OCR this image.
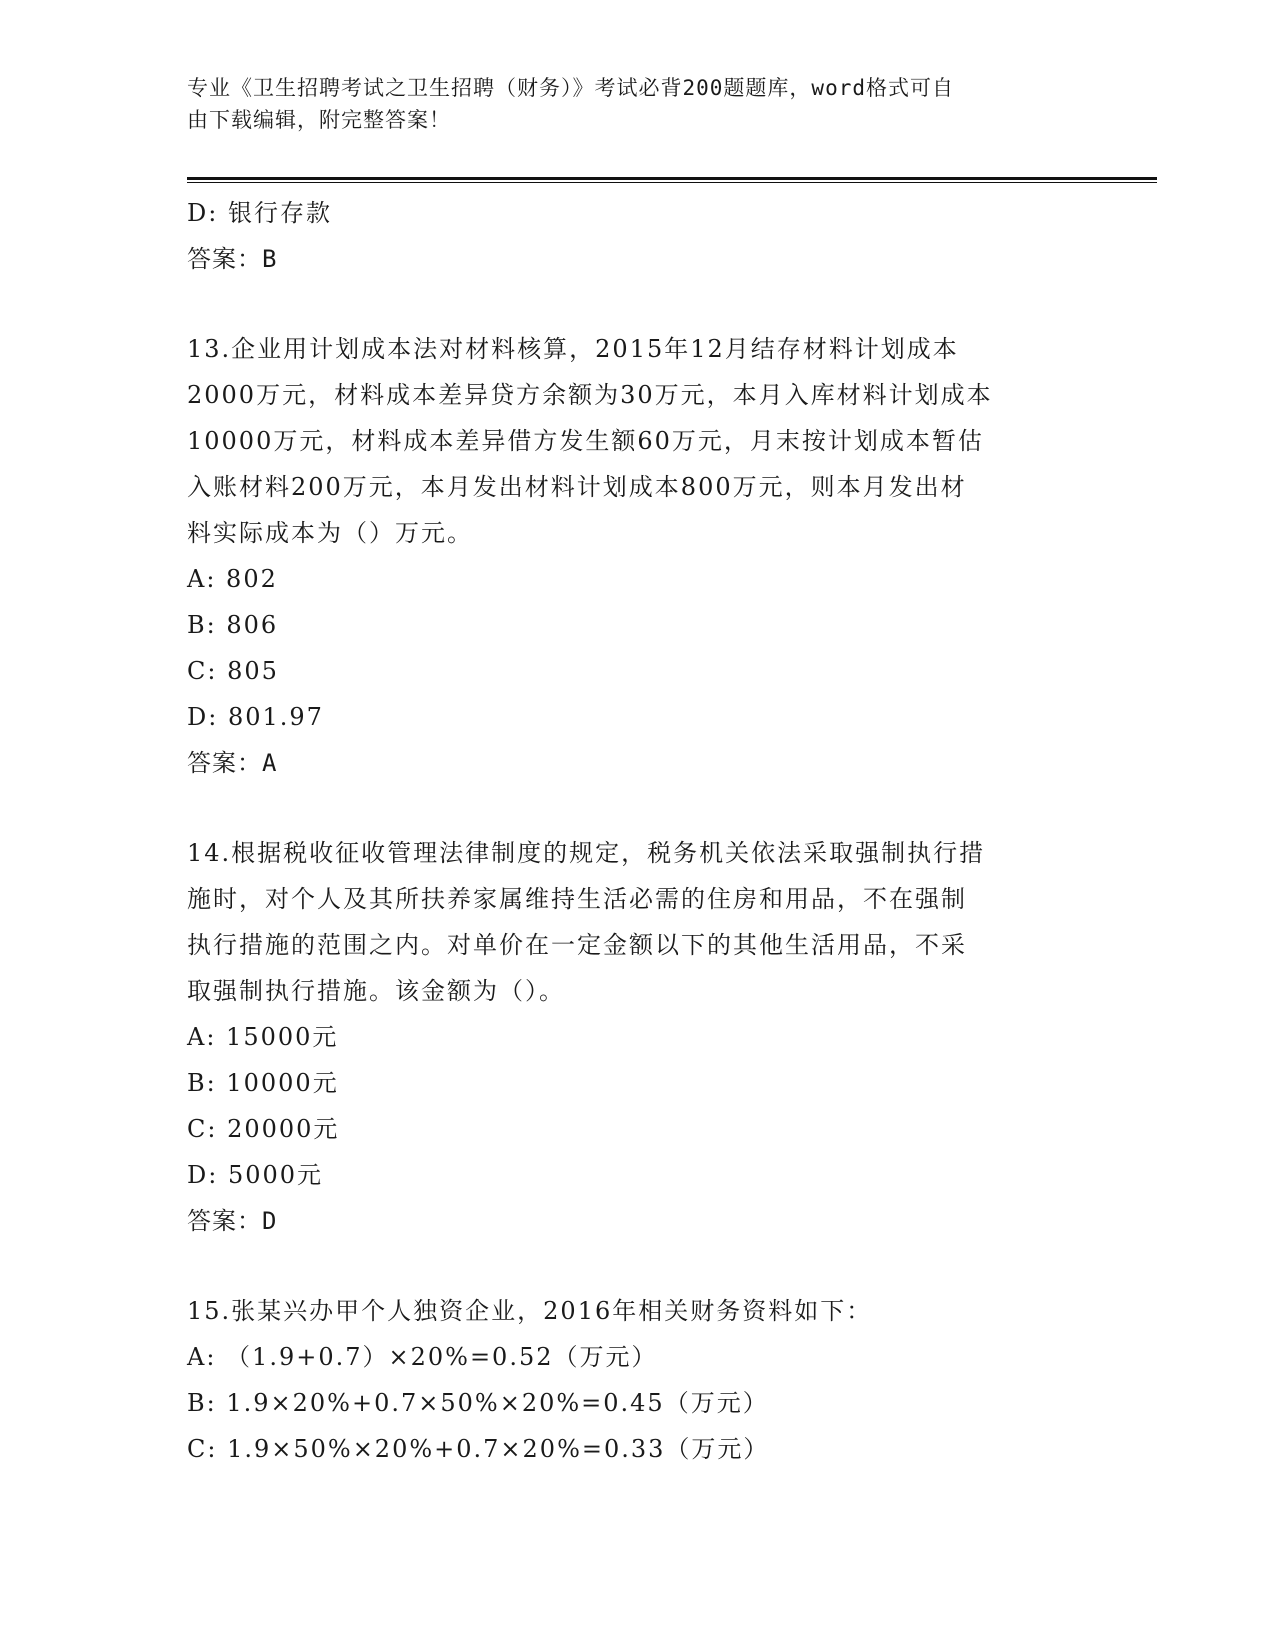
专业《卫生招聘考试之卫生招聘（财务）》考试必背200题题库，word格式可自
由下载编辑，附完整答案！
D: 银行存款
答案：B
13.企业用计划成本法对材料核算，2015年12月结存材料计划成本
2000万元，材料成本差异贷方余额为30万元，本月入库材料计划成本
10000万元，材料成本差异借方发生额60万元，月末按计划成本暂估
入账材料200万元，本月发出材料计划成本800万元，则本月发出材
料实际成本为（）万元。
A: 802
B: 806
C: 805
D: 801.97
答案：A
14.根据税收征收管理法律制度的规定，税务机关依法采取强制执行措
施时，对个人及其所扶养家属维持生活必需的住房和用品，不在强制
执行措施的范围之内。对单价在一定金额以下的其他生活用品，不采
取强制执行措施。该金额为（）。
A: 15000元
B: 10000元
C: 20000元
D: 5000元
答案：D
15.张某兴办甲个人独资企业，2016年相关财务资料如下：
A: （1.9+0.7）×20%=0.52（万元）
B: 1.9×20%+0.7×50%×20%=0.45（万元）
C: 1.9×50%×20%+0.7×20%=0.33（万元）
